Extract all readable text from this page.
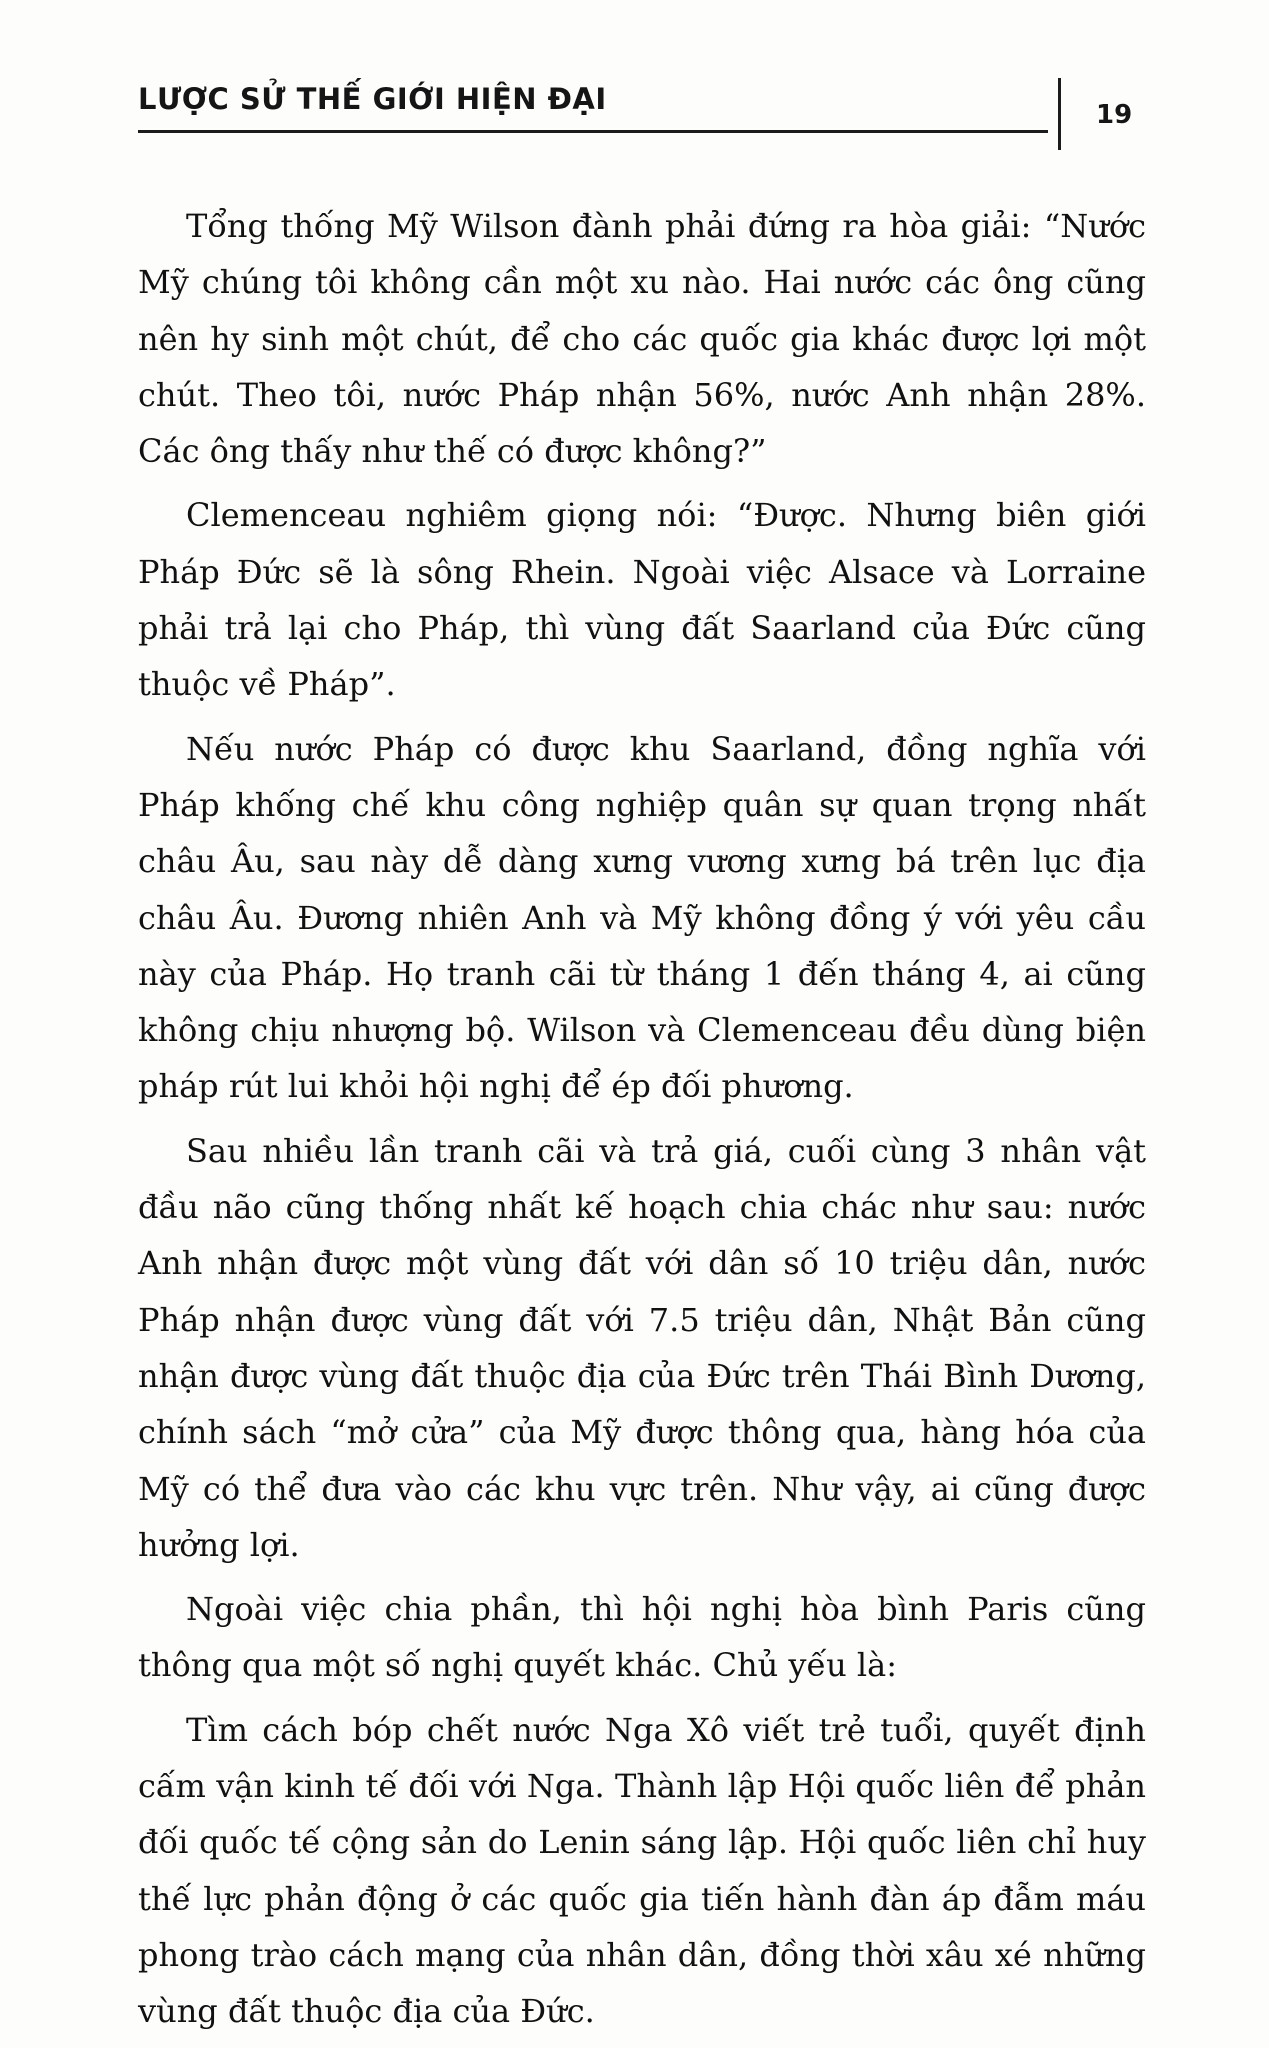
LƯỢC SỬ THẾ GIỚI HIỆN ĐẠI	19

Tổng thống Mỹ Wilson đành phải đứng ra hòa giải: “Nước Mỹ chúng tôi không cần một xu nào. Hai nước các ông cũng nên hy sinh một chút, để cho các quốc gia khác được lợi một chút. Theo tôi, nước Pháp nhận 56%, nước Anh nhận 28%. Các ông thấy như thế có được không?”

Clemenceau nghiêm giọng nói: “Được. Nhưng biên giới Pháp Đức sẽ là sông Rhein. Ngoài việc Alsace và Lorraine phải trả lại cho Pháp, thì vùng đất Saarland của Đức cũng thuộc về Pháp”.

Nếu nước Pháp có được khu Saarland, đồng nghĩa với Pháp khống chế khu công nghiệp quân sự quan trọng nhất châu Âu, sau này dễ dàng xưng vương xưng bá trên lục địa châu Âu. Đương nhiên Anh và Mỹ không đồng ý với yêu cầu này của Pháp. Họ tranh cãi từ tháng 1 đến tháng 4, ai cũng không chịu nhượng bộ. Wilson và Clemenceau đều dùng biện pháp rút lui khỏi hội nghị để ép đối phương.

Sau nhiều lần tranh cãi và trả giá, cuối cùng 3 nhân vật đầu não cũng thống nhất kế hoạch chia chác như sau: nước Anh nhận được một vùng đất với dân số 10 triệu dân, nước Pháp nhận được vùng đất với 7.5 triệu dân, Nhật Bản cũng nhận được vùng đất thuộc địa của Đức trên Thái Bình Dương, chính sách “mở cửa” của Mỹ được thông qua, hàng hóa của Mỹ có thể đưa vào các khu vực trên. Như vậy, ai cũng được hưởng lợi.

Ngoài việc chia phần, thì hội nghị hòa bình Paris cũng thông qua một số nghị quyết khác. Chủ yếu là:

Tìm cách bóp chết nước Nga Xô viết trẻ tuổi, quyết định cấm vận kinh tế đối với Nga. Thành lập Hội quốc liên để phản đối quốc tế cộng sản do Lenin sáng lập. Hội quốc liên chỉ huy thế lực phản động ở các quốc gia tiến hành đàn áp đẫm máu phong trào cách mạng của nhân dân, đồng thời xâu xé những vùng đất thuộc địa của Đức.
